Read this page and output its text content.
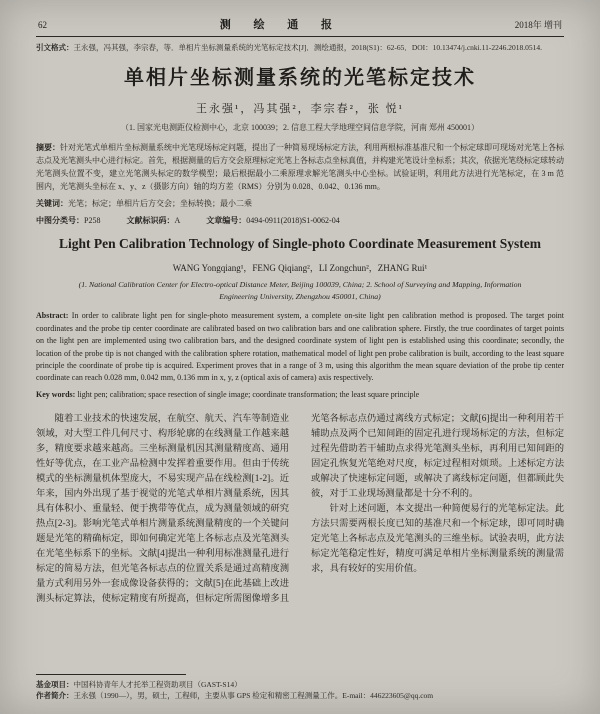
62	测 绘 通 报	2018年 增刊
引文格式：王永强，冯其强，李宗春，等．单相片坐标测量系统的光笔标定技术[J]．测绘通报，2018(S1)：62-65．DOI：10.13474/j.cnki.11-2246.2018.0514.
单相片坐标测量系统的光笔标定技术
王永强¹，冯其强²，李宗春²，张 悦¹
（1. 国家光电测距仪检测中心，北京 100039；2. 信息工程大学地理空间信息学院，河南 郑州 450001）
摘要：针对光笔式单相片坐标测量系统中光笔现场标定问题，提出了一种简易现场标定方法，利用两根标准基准尺和一个标定球即可现场对光笔上各标志点及光笔测头中心进行标定。首先，根据测量的后方交会原理标定光笔上各标志点坐标真值，并构建光笔设计坐标系；其次，依据光笔绕标定球转动光笔测头位置不变，建立光笔测头标定的数学模型；最后根据最小二乘原理求解光笔测头中心坐标。试验证明，利用此方法进行光笔标定，在 3 m 范围内，光笔测头坐标在 x、y、z（摄影方向）轴的均方差（RMS）分别为 0.028、0.042、0.136 mm。
关键词：光笔；标定；单相片后方交会；坐标转换；最小二乘
中图分类号：P258	文献标识码：A	文章编号：0494-0911(2018)S1-0062-04
Light Pen Calibration Technology of Single-photo Coordinate Measurement System
WANG Yongqiang¹，FENG Qiqiang²，LI Zongchun²，ZHANG Rui¹
(1. National Calibration Center for Electro-optical Distance Meter, Beijing 100039, China; 2. School of Surveying and Mapping, Information Engineering University, Zhengzhou 450001, China)
Abstract: In order to calibrate light pen for single-photo measurement system, a complete on-site light pen calibration method is proposed. The target point coordinates and the probe tip center coordinate are calibrated based on two calibration bars and one calibration sphere. Firstly, the true coordinates of target points on the light pen are implemented using two calibration bars, and the designed coordinate system of light pen is established using this coordinate; secondly, the location of the probe tip is not changed with the calibration sphere rotation, mathematical model of light pen probe calibration is built, according to the least square principle the coordinate of probe tip is acquired. Experiment proves that in a range of 3 m, using this algorithm the mean square deviation of the probe tip center coordinate can reach 0.028 mm, 0.042 mm, 0.136 mm in x, y, z (optical axis of camera) axis respectively.
Key words: light pen; calibration; space resection of single image; coordinate transformation; the least square principle

随着工业技术的快速发展，在航空、航天、汽车等制造业领域，对大型工件几何尺寸、构形轮廓的在线测量工作越来越多，精度要求越来越高。三坐标测量机因其测量精度高、通用性好等优点，在工业产品检测中发挥着重要作用。但由于传统模式的坐标测量机体型庞大，不易实现产品在线检测[1-2]。近年来，国内外出现了基于视觉的光笔式单相片测量系统，因其具有体积小、重量轻、便于携带等优点，成为测量领域的研究热点[2-3]。影响光笔式单相片测量系统测量精度的一个关键问题是光笔的精确标定，即如何确定光笔上各标志点及光笔测头在光笔坐标系下的坐标。文献[4]提出一种利用标准测量孔进行标定的简易方法，但光笔各标志点的位置关系是通过高精度测量方式利用另外一套成像设备获得的；文献[5]在此基础上改进测头标定算法，使标定精度有所提高，但标定所需图像增多且光笔各标志点仍通过离线方式标定；文献[6]提出一种利用若干辅助点及两个已知间距的固定孔进行现场标定的方法，但标定过程先借助若干辅助点求得光笔测头坐标，再利用已知间距的固定孔恢复光笔绝对尺度，标定过程相对烦琐。上述标定方法或解决了快速标定问题，或解决了离线标定问题，但都顾此失彼，对于工业现场测量都是十分不利的。

针对上述问题，本文提出一种简便易行的光笔标定法。此方法只需要两根长度已知的基准尺和一个标定球，即可同时确定光笔上各标志点及光笔测头的三维坐标。试验表明，此方法标定光笔稳定性好，精度可满足单相片坐标测量系统的测量需求，具有较好的实用价值。

基金项目：中国科协青年人才托举工程资助项目（GAST-S14）
作者简介：王永强（1990—），男，硕士，工程师，主要从事 GPS 检定和精密工程测量工作。E-mail：446223605@qq.com
